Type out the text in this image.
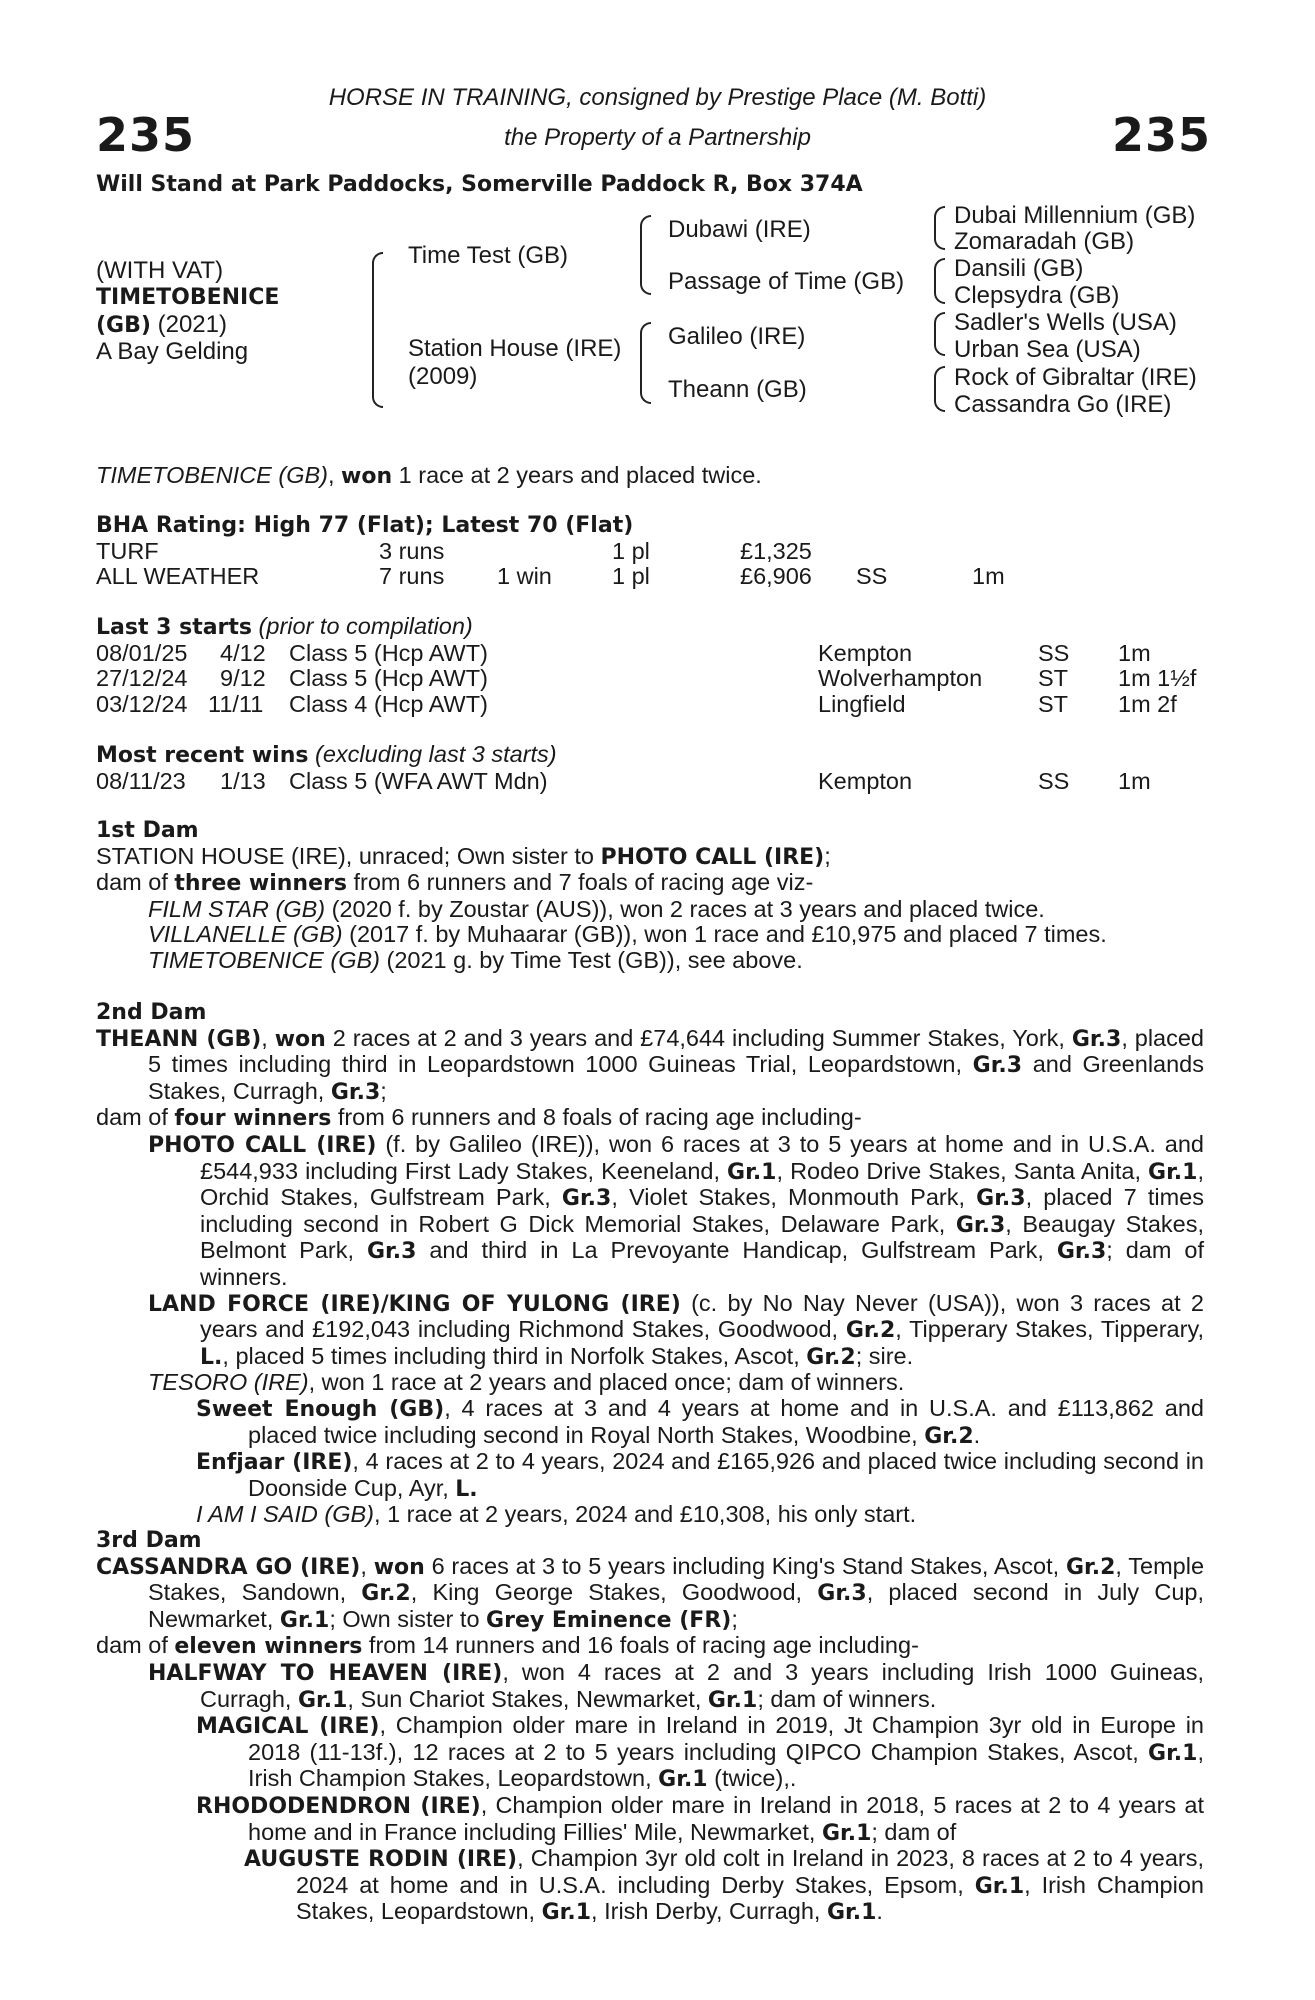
235	235
HORSE IN TRAINING, consigned by Prestige Place (M. Botti)
the Property of a Partnership
Will Stand at Park Paddocks, Somerville Paddock R, Box 374A
(WITH VAT)
TIMETOBENICE
(GB) (2021)
A Bay Gelding
Time Test (GB)
Station House (IRE)
(2009)
Dubawi (IRE)
Passage of Time (GB)
Galileo (IRE)
Theann (GB)
Dubai Millennium (GB)
Zomaradah (GB)
Dansili (GB)
Clepsydra (GB)
Sadler's Wells (USA)
Urban Sea (USA)
Rock of Gibraltar (IRE)
Cassandra Go (IRE)
TIMETOBENICE (GB), won 1 race at 2 years and placed twice.

BHA Rating: High 77 (Flat); Latest 70 (Flat)

TURF	3 runs	1 pl	£1,325
ALL WEATHER	7 runs 1 win	1 pl	£6,906 SS	1m

Last 3 starts (prior to compilation)

08/01/25 4/12 Class 5 (Hcp AWT)	Kempton	SS 1m
27/12/24 9/12 Class 5 (Hcp AWT)	Wolverhampton ST 1m 1½f
03/12/24 11/11 Class 4 (Hcp AWT)	Lingfield	ST 1m 2f

Most recent wins (excluding last 3 starts)

08/11/23 1/13 Class 5 (WFA AWT Mdn)	Kempton	SS 1m

1st Dam

STATION HOUSE (IRE), unraced; Own sister to PHOTO CALL (IRE);

dam of three winners from 6 runners and 7 foals of racing age viz-

FILM STAR (GB) (2020 f. by Zoustar (AUS)), won 2 races at 3 years and placed twice.

VILLANELLE (GB) (2017 f. by Muhaarar (GB)), won 1 race and £10,975 and placed 7 times.

TIMETOBENICE (GB) (2021 g. by Time Test (GB)), see above.

2nd Dam

THEANN (GB), won 2 races at 2 and 3 years and £74,644 including Summer Stakes, York, Gr.3, placed 5 times including third in Leopardstown 1000 Guineas Trial, Leopardstown, Gr.3 and Greenlands Stakes, Curragh, Gr.3;

dam of four winners from 6 runners and 8 foals of racing age including-

PHOTO CALL (IRE) (f. by Galileo (IRE)), won 6 races at 3 to 5 years at home and in U.S.A. and £544,933 including First Lady Stakes, Keeneland, Gr.1, Rodeo Drive Stakes, Santa Anita, Gr.1, Orchid Stakes, Gulfstream Park, Gr.3, Violet Stakes, Monmouth Park, Gr.3, placed 7 times including second in Robert G Dick Memorial Stakes, Delaware Park, Gr.3, Beaugay Stakes, Belmont Park, Gr.3 and third in La Prevoyante Handicap, Gulfstream Park, Gr.3; dam of winners.

LAND FORCE (IRE)/KING OF YULONG (IRE) (c. by No Nay Never (USA)), won 3 races at 2 years and £192,043 including Richmond Stakes, Goodwood, Gr.2, Tipperary Stakes, Tipperary, L., placed 5 times including third in Norfolk Stakes, Ascot, Gr.2; sire.

TESORO (IRE), won 1 race at 2 years and placed once; dam of winners.

Sweet Enough (GB), 4 races at 3 and 4 years at home and in U.S.A. and £113,862 and placed twice including second in Royal North Stakes, Woodbine, Gr.2.

Enfjaar (IRE), 4 races at 2 to 4 years, 2024 and £165,926 and placed twice including second in Doonside Cup, Ayr, L.

I AM I SAID (GB), 1 race at 2 years, 2024 and £10,308, his only start.

3rd Dam

CASSANDRA GO (IRE), won 6 races at 3 to 5 years including King's Stand Stakes, Ascot, Gr.2, Temple Stakes, Sandown, Gr.2, King George Stakes, Goodwood, Gr.3, placed second in July Cup, Newmarket, Gr.1; Own sister to Grey Eminence (FR);

dam of eleven winners from 14 runners and 16 foals of racing age including-

HALFWAY TO HEAVEN (IRE), won 4 races at 2 and 3 years including Irish 1000 Guineas, Curragh, Gr.1, Sun Chariot Stakes, Newmarket, Gr.1; dam of winners.

MAGICAL (IRE), Champion older mare in Ireland in 2019, Jt Champion 3yr old in Europe in 2018 (11-13f.), 12 races at 2 to 5 years including QIPCO Champion Stakes, Ascot, Gr.1, Irish Champion Stakes, Leopardstown, Gr.1 (twice),.

RHODODENDRON (IRE), Champion older mare in Ireland in 2018, 5 races at 2 to 4 years at home and in France including Fillies' Mile, Newmarket, Gr.1; dam of

AUGUSTE RODIN (IRE), Champion 3yr old colt in Ireland in 2023, 8 races at 2 to 4 years, 2024 at home and in U.S.A. including Derby Stakes, Epsom, Gr.1, Irish Champion Stakes, Leopardstown, Gr.1, Irish Derby, Curragh, Gr.1.
